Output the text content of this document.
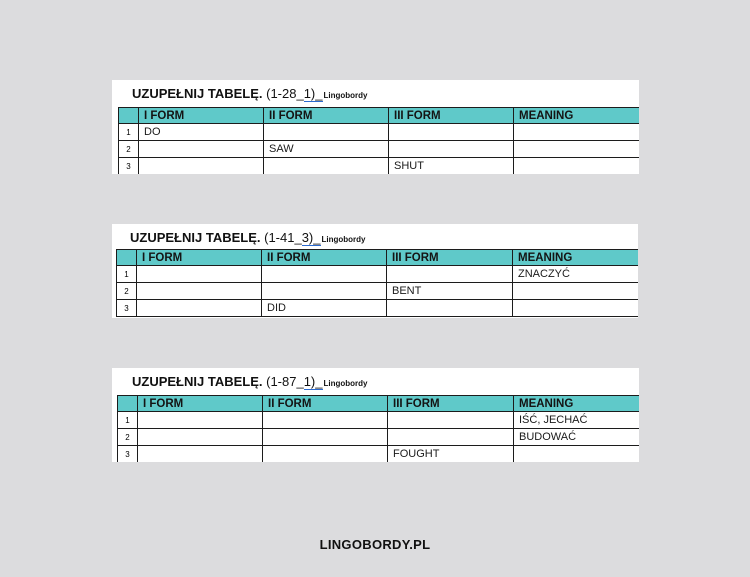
UZUPEŁNIJ TABELĘ. (1-28_1)_Lingobordy
	I FORM	II FORM	III FORM	MEANING
1	DO			
2		SAW		
3			SHUT	
UZUPEŁNIJ TABELĘ. (1-41_3)_Lingobordy
	I FORM	II FORM	III FORM	MEANING
1				ZNACZYĆ
2			BENT	
3		DID		
UZUPEŁNIJ TABELĘ. (1-87_1)_Lingobordy
	I FORM	II FORM	III FORM	MEANING
1				IŚĆ, JECHAĆ
2				BUDOWAĆ
3			FOUGHT	
LINGOBORDY.PL
